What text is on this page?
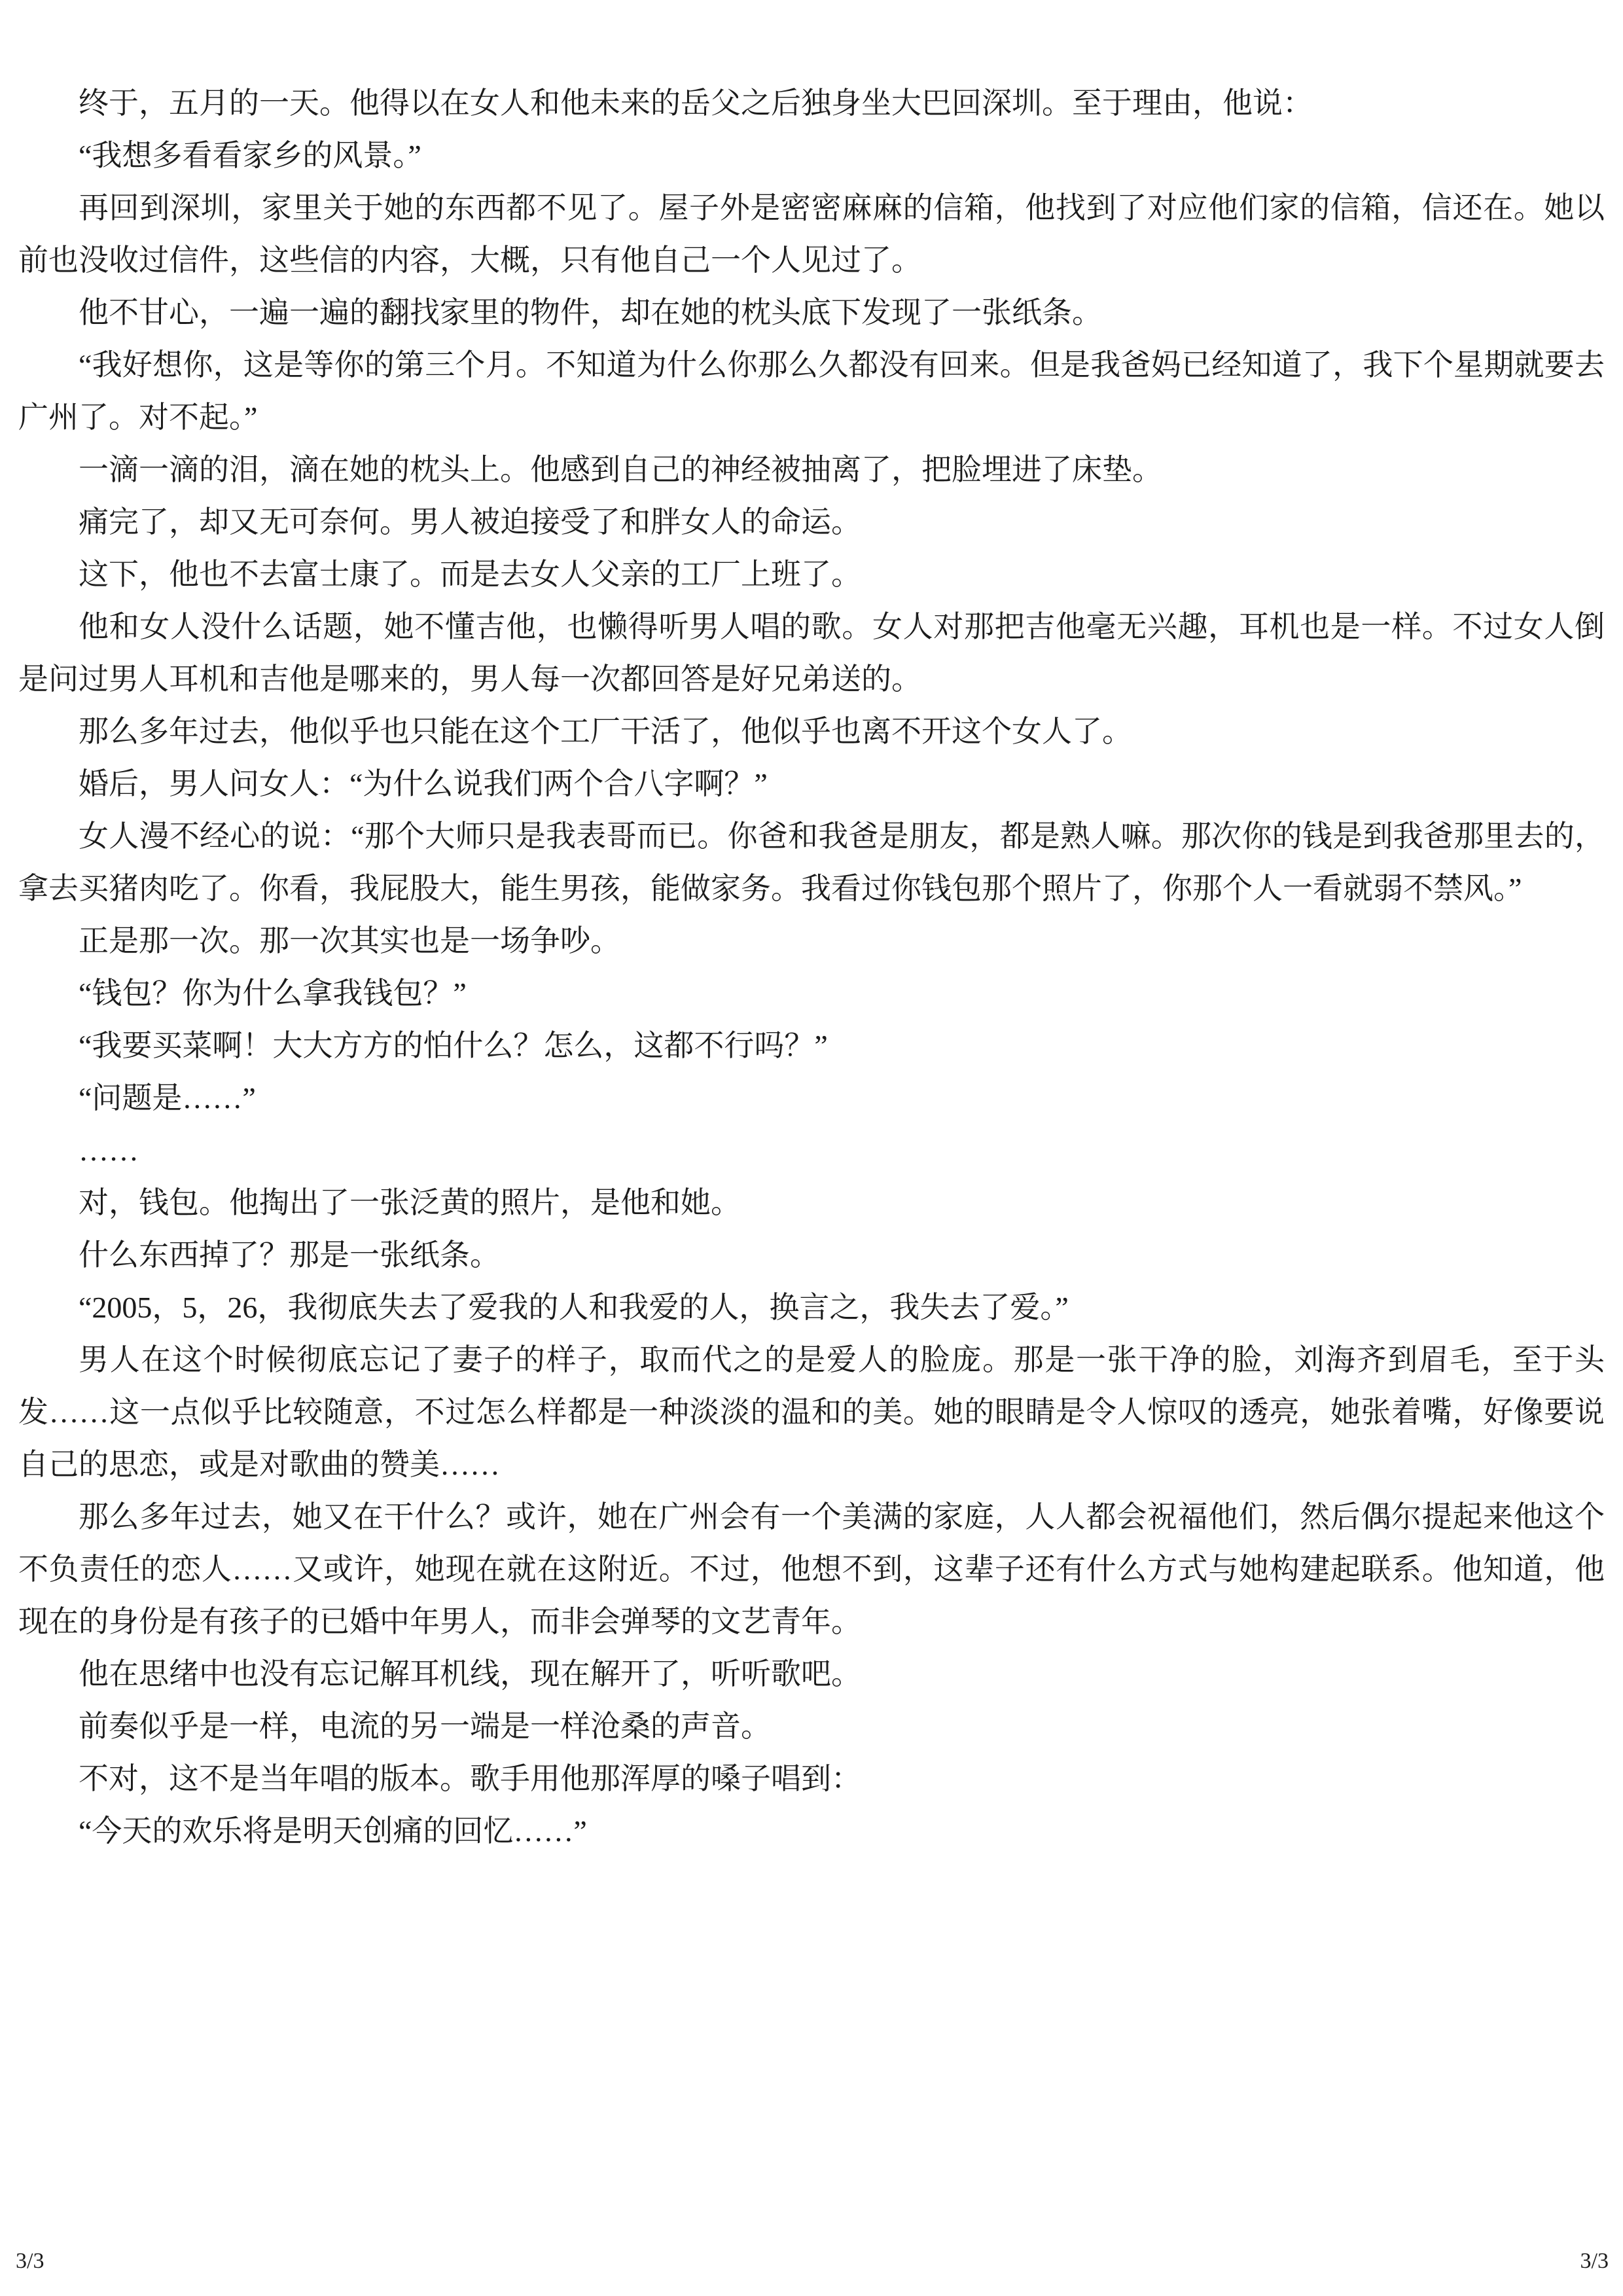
终于，五月的一天。他得以在女人和他未来的岳父之后独身坐大巴回深圳。至于理由，他说：

“我想多看看家乡的风景。”

再回到深圳，家里关于她的东西都不见了。屋子外是密密麻麻的信箱，他找到了对应他们家的信箱，信还在。她以前也没收过信件，这些信的内容，大概，只有他自己一个人见过了。

他不甘心，一遍一遍的翻找家里的物件，却在她的枕头底下发现了一张纸条。

“我好想你，这是等你的第三个月。不知道为什么你那么久都没有回来。但是我爸妈已经知道了，我下个星期就要去广州了。对不起。”

一滴一滴的泪，滴在她的枕头上。他感到自己的神经被抽离了，把脸埋进了床垫。

痛完了，却又无可奈何。男人被迫接受了和胖女人的命运。

这下，他也不去富士康了。而是去女人父亲的工厂上班了。

他和女人没什么话题，她不懂吉他，也懒得听男人唱的歌。女人对那把吉他毫无兴趣，耳机也是一样。不过女人倒是问过男人耳机和吉他是哪来的，男人每一次都回答是好兄弟送的。

那么多年过去，他似乎也只能在这个工厂干活了，他似乎也离不开这个女人了。

婚后，男人问女人：“为什么说我们两个合八字啊？”

女人漫不经心的说：“那个大师只是我表哥而已。你爸和我爸是朋友，都是熟人嘛。那次你的钱是到我爸那里去的，拿去买猪肉吃了。你看，我屁股大，能生男孩，能做家务。我看过你钱包那个照片了，你那个人一看就弱不禁风。”

正是那一次。那一次其实也是一场争吵。

“钱包？你为什么拿我钱包？”

“我要买菜啊！大大方方的怕什么？怎么，这都不行吗？”

“问题是……”

……

对，钱包。他掏出了一张泛黄的照片，是他和她。

什么东西掉了？那是一张纸条。

“2005，5，26，我彻底失去了爱我的人和我爱的人，换言之，我失去了爱。”

男人在这个时候彻底忘记了妻子的样子，取而代之的是爱人的脸庞。那是一张干净的脸，刘海齐到眉毛，至于头发……这一点似乎比较随意，不过怎么样都是一种淡淡的温和的美。她的眼睛是令人惊叹的透亮，她张着嘴，好像要说自己的思恋，或是对歌曲的赞美……

那么多年过去，她又在干什么？或许，她在广州会有一个美满的家庭，人人都会祝福他们，然后偶尔提起来他这个不负责任的恋人……又或许，她现在就在这附近。不过，他想不到，这辈子还有什么方式与她构建起联系。他知道，他现在的身份是有孩子的已婚中年男人，而非会弹琴的文艺青年。

他在思绪中也没有忘记解耳机线，现在解开了，听听歌吧。

前奏似乎是一样，电流的另一端是一样沧桑的声音。

不对，这不是当年唱的版本。歌手用他那浑厚的嗓子唱到：

“今天的欢乐将是明天创痛的回忆……”

3/3	3/3
